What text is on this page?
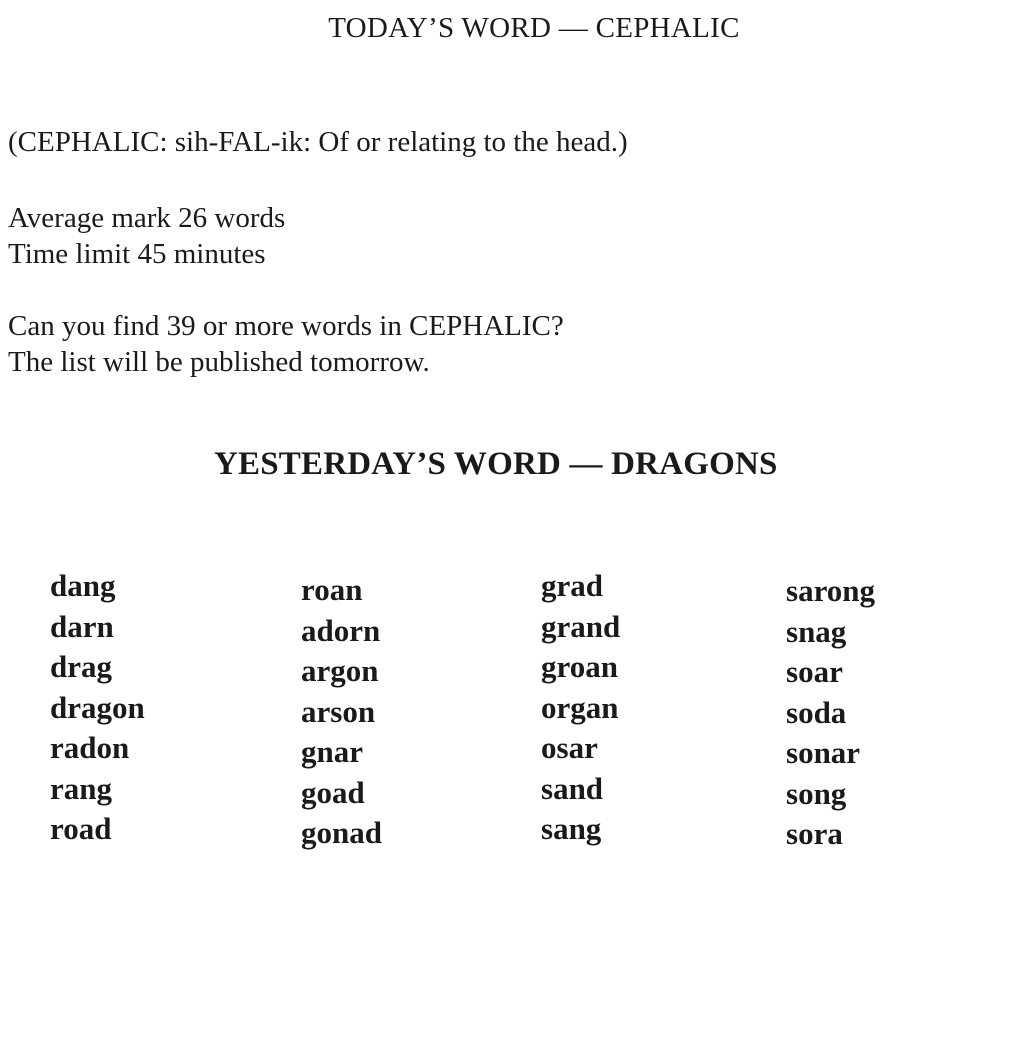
TODAY’S WORD — CEPHALIC

(CEPHALIC: sih-FAL-ik: Of or relating to the head.)

Average mark 26 words
Time limit 45 minutes
Can you find 39 or more words in CEPHALIC?
The list will be published tomorrow.
YESTERDAY’S WORD — DRAGONS
dang
darn
drag
dragon
radon
rang
road
roan
adorn
argon
arson
gnar
goad
gonad
grad
grand
groan
organ
osar
sand
sang
sarong
snag
soar
soda
sonar
song
sora
